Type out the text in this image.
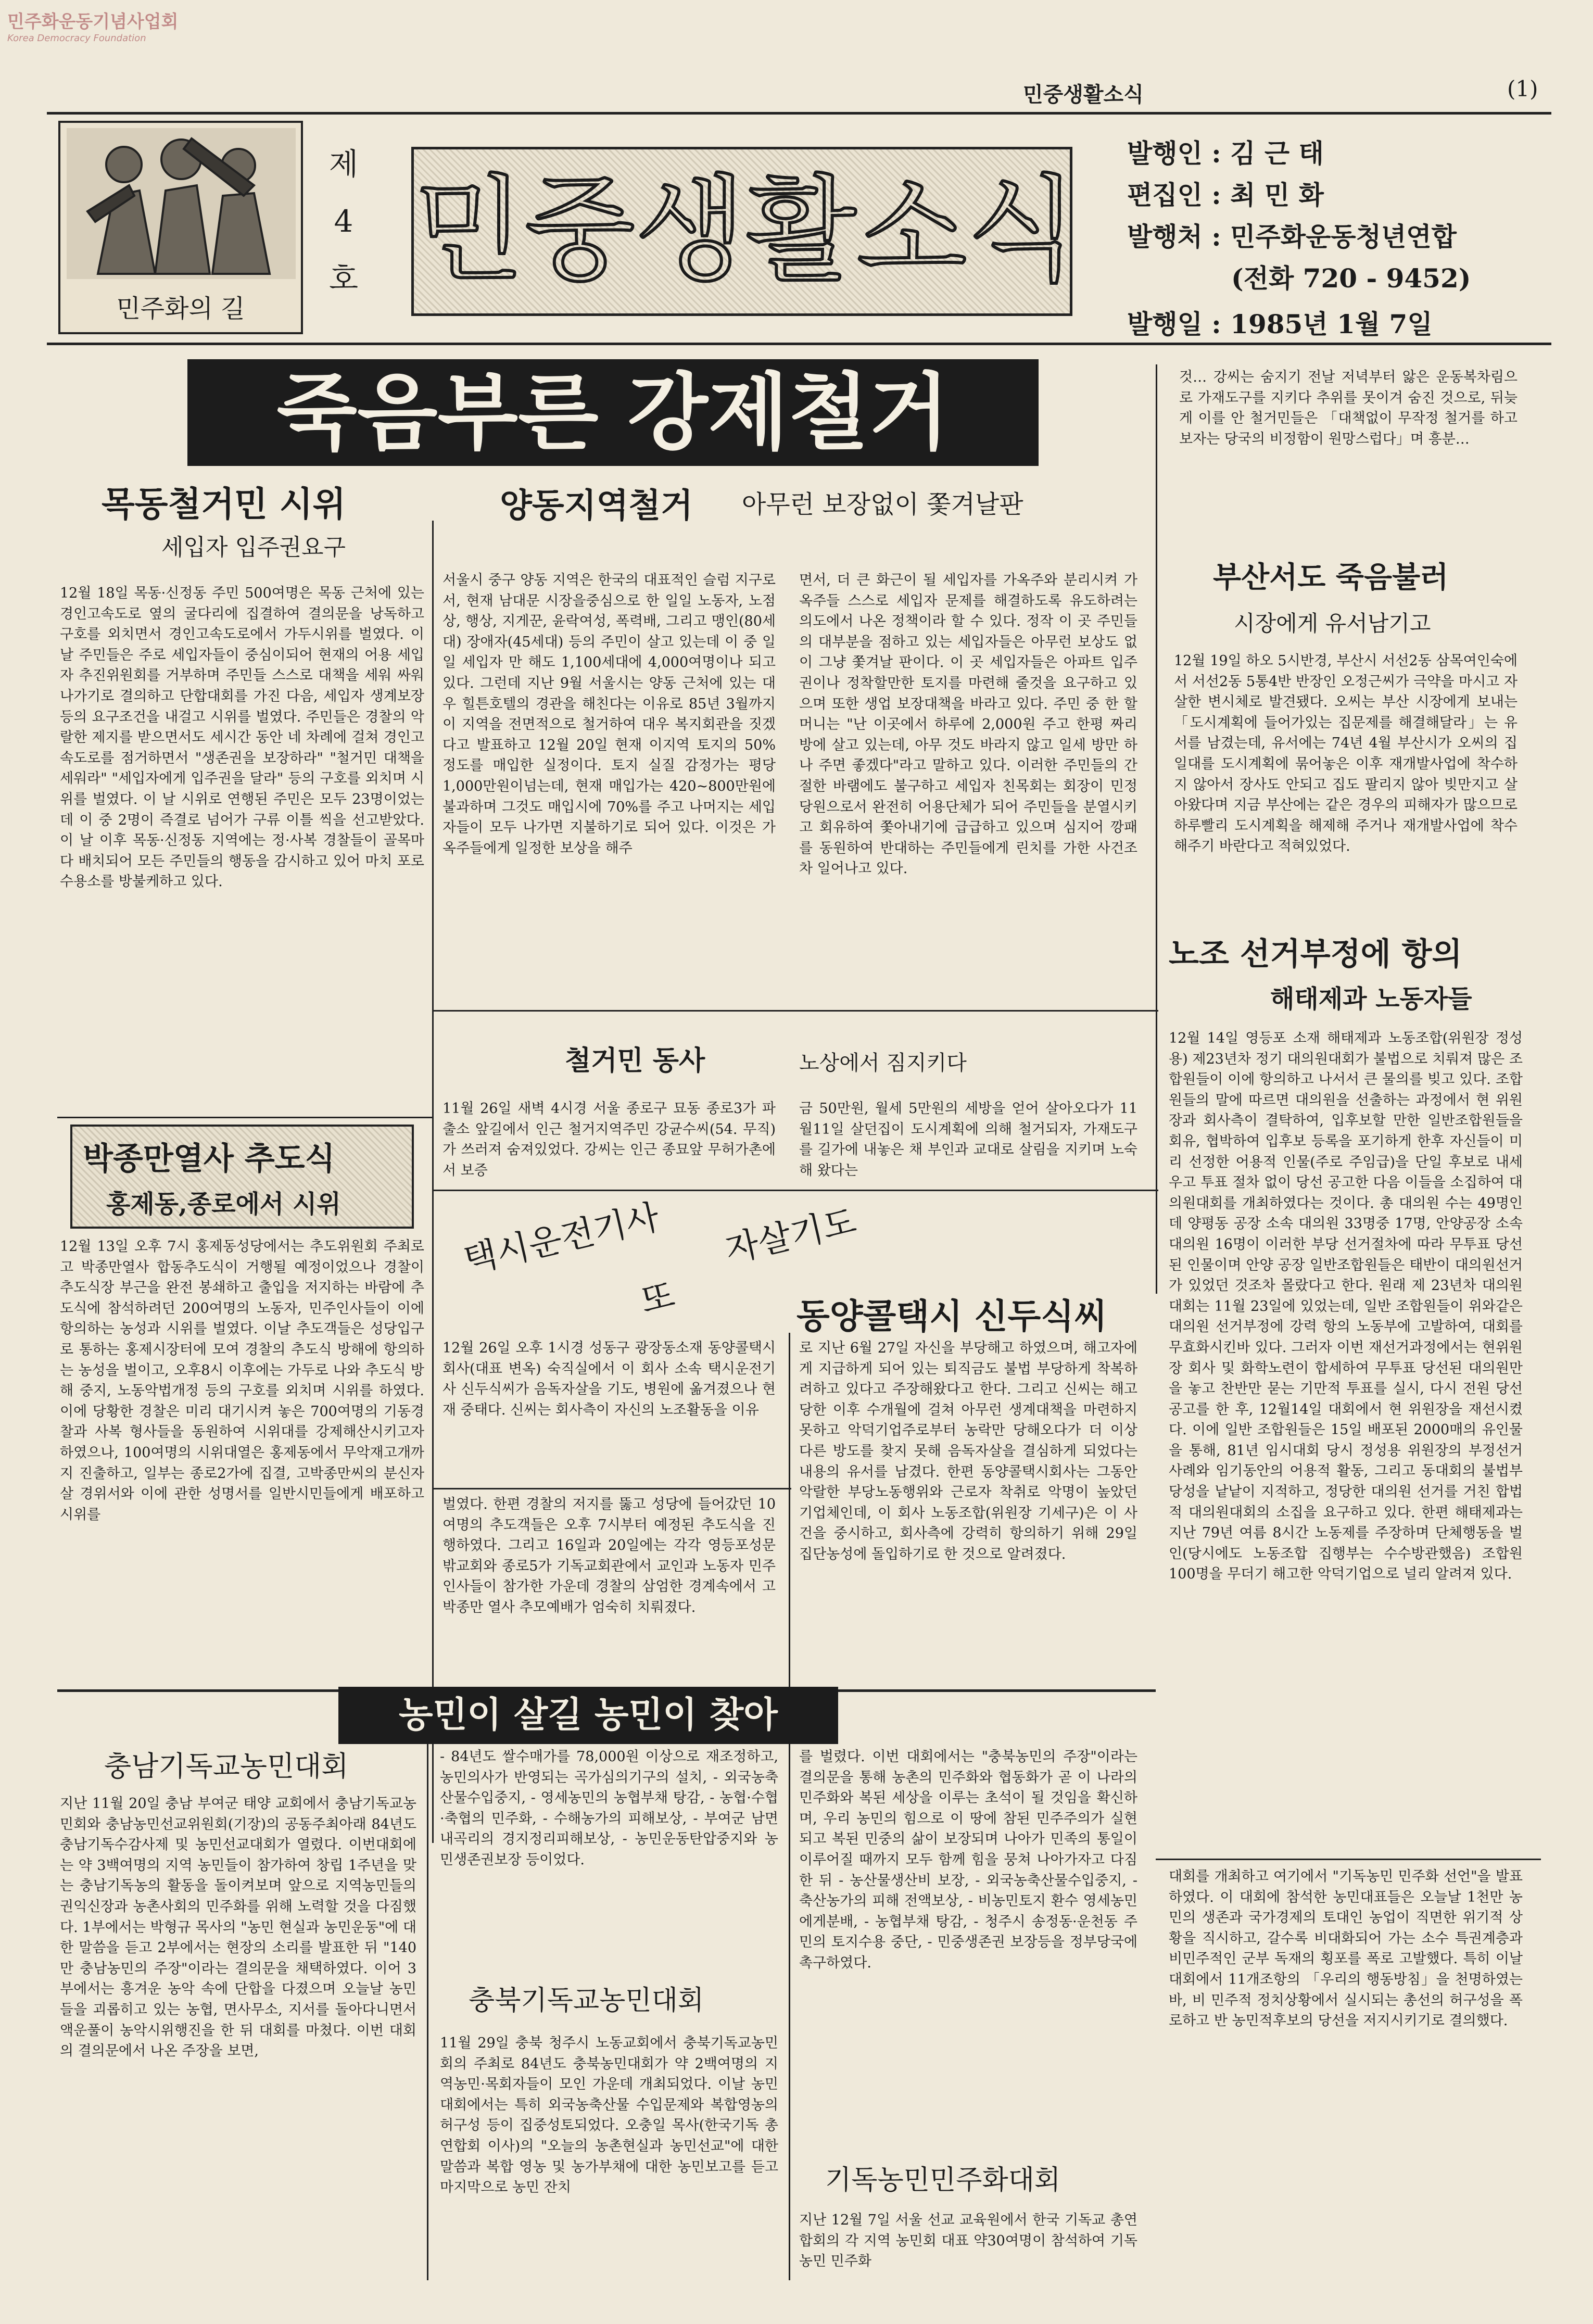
민주화운동기념사업회
Korea Democracy Foundation
민중생활소식	(1)
민주화의 길
제 4 호 민중생활소식
발행인 : 김 근 태
편집인 : 최 민 화
발행처 : 민주화운동청년연합
(전화 720 - 9452)
발행일 : 1985년 1월 7일
죽음부른 강제철거	것… 강씨는 숨지기 전날 저녁부터 앓은 운동복차림으로 가재도구를 지키다 추위를 못이겨 숨진 것으로, 뒤늦게 이를 안 철거민들은 「대책없이 무작정 철거를 하고보자는 당국의 비정함이 원망스럽다」며 흥분…
목동철거민 시위
세입자 입주권요구
12월 18일 목동·신정동 주민 500여명은 목동 근처에 있는 경인고속도로 옆의 굴다리에 집결하여 결의문을 낭독하고 구호를 외치면서 경인고속도로에서 가두시위를 벌였다. 이날 주민들은 주로 세입자들이 중심이되어 현재의 어용 세입자 추진위원회를 거부하며 주민들 스스로 대책을 세워 싸워나가기로 결의하고 단합대회를 가진 다음, 세입자 생계보장등의 요구조건을 내걸고 시위를 벌였다. 주민들은 경찰의 악랄한 제지를 받으면서도 세시간 동안 네 차례에 걸쳐 경인고속도로를 점거하면서 "생존권을 보장하라" "철거민 대책을 세워라" "세입자에게 입주권을 달라" 등의 구호를 외치며 시위를 벌였다. 이 날 시위로 연행된 주민은 모두 23명이었는데 이 중 2명이 즉결로 넘어가 구류 이틀 씩을 선고받았다. 이 날 이후 목동·신정동 지역에는 정·사복 경찰들이 골목마다 배치되어 모든 주민들의 행동을 감시하고 있어 마치 포로수용소를 방불케하고 있다.
양동지역철거 아무런 보장없이 쫓겨날판
서울시 중구 양동 지역은 한국의 대표적인 슬럼 지구로서, 현재 남대문 시장을중심으로 한 일일 노동자, 노점상, 행상, 지게꾼, 윤락여성, 폭력배, 그리고 맹인(80세대) 장애자(45세대) 등의 주민이 살고 있는데 이 중 일일 세입자 만 해도 1,100세대에 4,000여명이나 되고 있다. 그런데 지난 9월 서울시는 양동 근처에 있는 대우 힐튼호텔의 경관을 해친다는 이유로 85년 3월까지 이 지역을 전면적으로 철거하여 대우 복지회관을 짓겠다고 발표하고 12월 20일 현재 이지역 토지의 50% 정도를 매입한 실정이다. 토지 실질 감정가는 평당 1,000만원이넘는데, 현재 매입가는 420~800만원에 불과하며 그것도 매입시에 70%를 주고 나머지는 세입자들이 모두 나가면 지불하기로 되어 있다. 이것은 가옥주들에게 일정한 보상을 해주
면서, 더 큰 화근이 될 세입자를 가옥주와 분리시켜 가옥주들 스스로 세입자 문제를 해결하도록 유도하려는 의도에서 나온 정책이라 할 수 있다. 정작 이 곳 주민들의 대부분을 점하고 있는 세입자들은 아무런 보상도 없이 그냥 쫓겨날 판이다. 이 곳 세입자들은 아파트 입주권이나 정착할만한 토지를 마련해 줄것을 요구하고 있으며 또한 생업 보장대책을 바라고 있다. 주민 중 한 할머니는 "난 이곳에서 하루에 2,000원 주고 한평 짜리 방에 살고 있는데, 아무 것도 바라지 않고 일세 방만 하나 주면 좋겠다"라고 말하고 있다. 이러한 주민들의 간절한 바램에도 불구하고 세입자 친목회는 회장이 민정당원으로서 완전히 어용단체가 되어 주민들을 분열시키고 회유하여 쫓아내기에 급급하고 있으며 심지어 깡패를 동원하여 반대하는 주민들에게 린치를 가한 사건조차 일어나고 있다.
부산서도 죽음불러
시장에게 유서남기고
12월 19일 하오 5시반경, 부산시 서선2동 삼목여인숙에서 서선2동 5통4반 반장인 오정근씨가 극약을 마시고 자살한 변시체로 발견됐다. 오씨는 부산 시장에게 보내는 「도시계획에 들어가있는 집문제를 해결해달라」는 유서를 남겼는데, 유서에는 74년 4월 부산시가 오씨의 집일대를 도시계획에 묶어놓은 이후 재개발사업에 착수하지 않아서 장사도 안되고 집도 팔리지 않아 빚만지고 살아왔다며 지금 부산에는 같은 경우의 피해자가 많으므로 하루빨리 도시계획을 해제해 주거나 재개발사업에 착수해주기 바란다고 적혀있었다.
노조 선거부정에 항의
해태제과 노동자들
12월 14일 영등포 소재 해태제과 노동조합(위원장 정성용) 제23년차 정기 대의원대회가 불법으로 치뤄져 많은 조합원들이 이에 항의하고 나서서 큰 물의를 빚고 있다. 조합원들의 말에 따르면 대의원을 선출하는 과정에서 현 위원장과 회사측이 결탁하여, 입후보할 만한 일반조합원들을 회유, 협박하여 입후보 등록을 포기하게 한후 자신들이 미리 선정한 어용적 인물(주로 주임급)을 단일 후보로 내세우고 투표 절차 없이 당선 공고한 다음 이들을 소집하여 대의원대회를 개최하였다는 것이다. 총 대의원 수는 49명인데 양평동 공장 소속 대의원 33명중 17명, 안양공장 소속 대의원 16명이 이러한 부당 선거절차에 따라 무투표 당선된 인물이며 안양 공장 일반조합원들은 태반이 대의원선거가 있었던 것조차 몰랐다고 한다. 원래 제 23년차 대의원대회는 11월 23일에 있었는데, 일반 조합원들이 위와같은 대의원 선거부정에 강력 항의 노동부에 고발하여, 대회를 무효화시킨바 있다. 그러자 이번 재선거과정에서는 현위원장 회사 및 화학노련이 합세하여 무투표 당선된 대의원만을 놓고 찬반만 묻는 기만적 투표를 실시, 다시 전원 당선 공고를 한 후, 12월14일 대회에서 현 위원장을 재선시켰다. 이에 일반 조합원들은 15일 배포된 2000매의 유인물을 통해, 81년 임시대회 당시 정성용 위원장의 부정선거 사례와 임기동안의 어용적 활동, 그리고 동대회의 불법부당성을 낱낱이 지적하고, 정당한 대의원 선거를 거친 합법적 대의원대회의 소집을 요구하고 있다. 한편 해태제과는 지난 79년 여름 8시간 노동제를 주장하며 단체행동을 벌인(당시에도 노동조합 집행부는 수수방관했음) 조합원 100명을 무더기 해고한 악덕기업으로 널리 알려져 있다.
철거민 동사	노상에서 짐지키다
11월 26일 새벽 4시경 서울 종로구 묘동 종로3가 파출소 앞길에서 인근 철거지역주민 강균수씨(54. 무직)가 쓰러져 숨져있었다. 강씨는 인근 종묘앞 무허가촌에서 보증
금 50만원, 월세 5만원의 세방을 얻어 살아오다가 11월11일 살던집이 도시계획에 의해 철거되자, 가재도구를 길가에 내놓은 채 부인과 교대로 살림을 지키며 노숙해 왔다는
박종만열사 추도식
홍제동,종로에서 시위
12월 13일 오후 7시 홍제동성당에서는 추도위원회 주최로 고 박종만열사 합동추도식이 거행될 예정이었으나 경찰이 추도식장 부근을 완전 봉쇄하고 출입을 저지하는 바람에 추도식에 참석하려던 200여명의 노동자, 민주인사들이 이에 항의하는 농성과 시위를 벌였다. 이날 추도객들은 성당입구로 통하는 홍제시장터에 모여 경찰의 추도식 방해에 항의하는 농성을 벌이고, 오후8시 이후에는 가두로 나와 추도식 방해 중지, 노동악법개정 등의 구호를 외치며 시위를 하였다. 이에 당황한 경찰은 미리 대기시켜 놓은 700여명의 기동경찰과 사복 형사들을 동원하여 시위대를 강제해산시키고자 하였으나, 100여명의 시위대열은 홍제동에서 무악재고개까지 진출하고, 일부는 종로2가에 집결, 고박종만씨의 분신자살 경위서와 이에 관한 성명서를 일반시민들에게 배포하고 시위를
택시운전기사
또
자살기도
동양콜택시 신두식씨
12월 26일 오후 1시경 성동구 광장동소재 동양콜택시회사(대표 변옥) 숙직실에서 이 회사 소속 택시운전기사 신두식씨가 음독자살을 기도, 병원에 옮겨졌으나 현재 중태다. 신씨는 회사측이 자신의 노조활동을 이유
로 지난 6월 27일 자신을 부당해고 하였으며, 해고자에게 지급하게 되어 있는 퇴직금도 불법 부당하게 착복하려하고 있다고 주장해왔다고 한다. 그리고 신씨는 해고당한 이후 수개월에 걸쳐 아무런 생계대책을 마련하지 못하고 악덕기업주로부터 농락만 당해오다가 더 이상 다른 방도를 찾지 못해 음독자살을 결심하게 되었다는 내용의 유서를 남겼다. 한편 동양콜택시회사는 그동안 악랄한 부당노동행위와 근로자 착취로 악명이 높았던 기업체인데, 이 회사 노동조합(위원장 기세구)은 이 사건을 중시하고, 회사측에 강력히 항의하기 위해 29일 집단농성에 돌입하기로 한 것으로 알려졌다.
벌였다. 한편 경찰의 저지를 뚫고 성당에 들어갔던 10여명의 추도객들은 오후 7시부터 예정된 추도식을 진행하였다. 그리고 16일과 20일에는 각각 영등포성문밖교회와 종로5가 기독교회관에서 교인과 노동자 민주인사들이 참가한 가운데 경찰의 삼엄한 경계속에서 고 박종만 열사 추모예배가 엄숙히 치뤄졌다.
농민이 살길 농민이 찾아
충남기독교농민대회
지난 11월 20일 충남 부여군 태양 교회에서 충남기독교농민회와 충남농민선교위원회(기장)의 공동주최아래 84년도 충남기독수감사제 및 농민선교대회가 열렸다. 이번대회에는 약 3백여명의 지역 농민들이 참가하여 창립 1주년을 맞는 충남기독농의 활동을 돌이켜보며 앞으로 지역농민들의 권익신장과 농촌사회의 민주화를 위해 노력할 것을 다짐했다. 1부에서는 박형규 목사의 "농민 현실과 농민운동"에 대한 말씀을 듣고 2부에서는 현장의 소리를 발표한 뒤 "140만 충남농민의 주장"이라는 결의문을 채택하였다. 이어 3부에서는 흥겨운 농악 속에 단합을 다졌으며 오늘날 농민들을 괴롭히고 있는 농협, 면사무소, 지서를 돌아다니면서 액운풀이 농악시위행진을 한 뒤 대회를 마쳤다. 이번 대회의 결의문에서 나온 주장을 보면,
- 84년도 쌀수매가를 78,000원 이상으로 재조정하고, 농민의사가 반영되는 곡가심의기구의 설치, - 외국농축산물수입중지, - 영세농민의 농협부채 탕감, - 농협·수협·축협의 민주화, - 수해농가의 피해보상, - 부여군 남면 내곡리의 경지정리피해보상, - 농민운동탄압중지와 농민생존권보장 등이었다.
충북기독교농민대회
11월 29일 충북 청주시 노동교회에서 충북기독교농민회의 주최로 84년도 충북농민대회가 약 2백여명의 지역농민·목회자들이 모인 가운데 개최되었다. 이날 농민대회에서는 특히 외국농축산물 수입문제와 복합영농의 허구성 등이 집중성토되었다. 오충일 목사(한국기독 총연합회 이사)의 "오늘의 농촌현실과 농민선교"에 대한 말씀과 복합 영농 및 농가부채에 대한 농민보고를 듣고 마지막으로 농민 잔치
를 벌렸다. 이번 대회에서는 "충북농민의 주장"이라는 결의문을 통해 농촌의 민주화와 협동화가 곧 이 나라의 민주화와 복된 세상을 이루는 초석이 될 것임을 확신하며, 우리 농민의 힘으로 이 땅에 참된 민주주의가 실현되고 복된 민중의 삶이 보장되며 나아가 민족의 통일이 이루어질 때까지 모두 함께 힘을 뭉쳐 나아가자고 다짐한 뒤 - 농산물생산비 보장, - 외국농축산물수입중지, - 축산농가의 피해 전액보상, - 비농민토지 환수 영세농민에게분배, - 농협부채 탕감, - 청주시 송정동·운천동 주민의 토지수용 중단, - 민중생존권 보장등을 정부당국에 촉구하였다.
기독농민민주화대회
지난 12월 7일 서울 선교 교육원에서 한국 기독교 총연합회의 각 지역 농민회 대표 약30여명이 참석하여 기독 농민 민주화
대회를 개최하고 여기에서 "기독농민 민주화 선언"을 발표하였다. 이 대회에 참석한 농민대표들은 오늘날 1천만 농민의 생존과 국가경제의 토대인 농업이 직면한 위기적 상황을 직시하고, 갈수록 비대화되어 가는 소수 특권계층과 비민주적인 군부 독재의 횡포를 폭로 고발했다. 특히 이날 대회에서 11개조항의 「우리의 행동방침」을 천명하였는 바, 비 민주적 정치상황에서 실시되는 총선의 허구성을 폭로하고 반 농민적후보의 당선을 저지시키기로 결의했다.
